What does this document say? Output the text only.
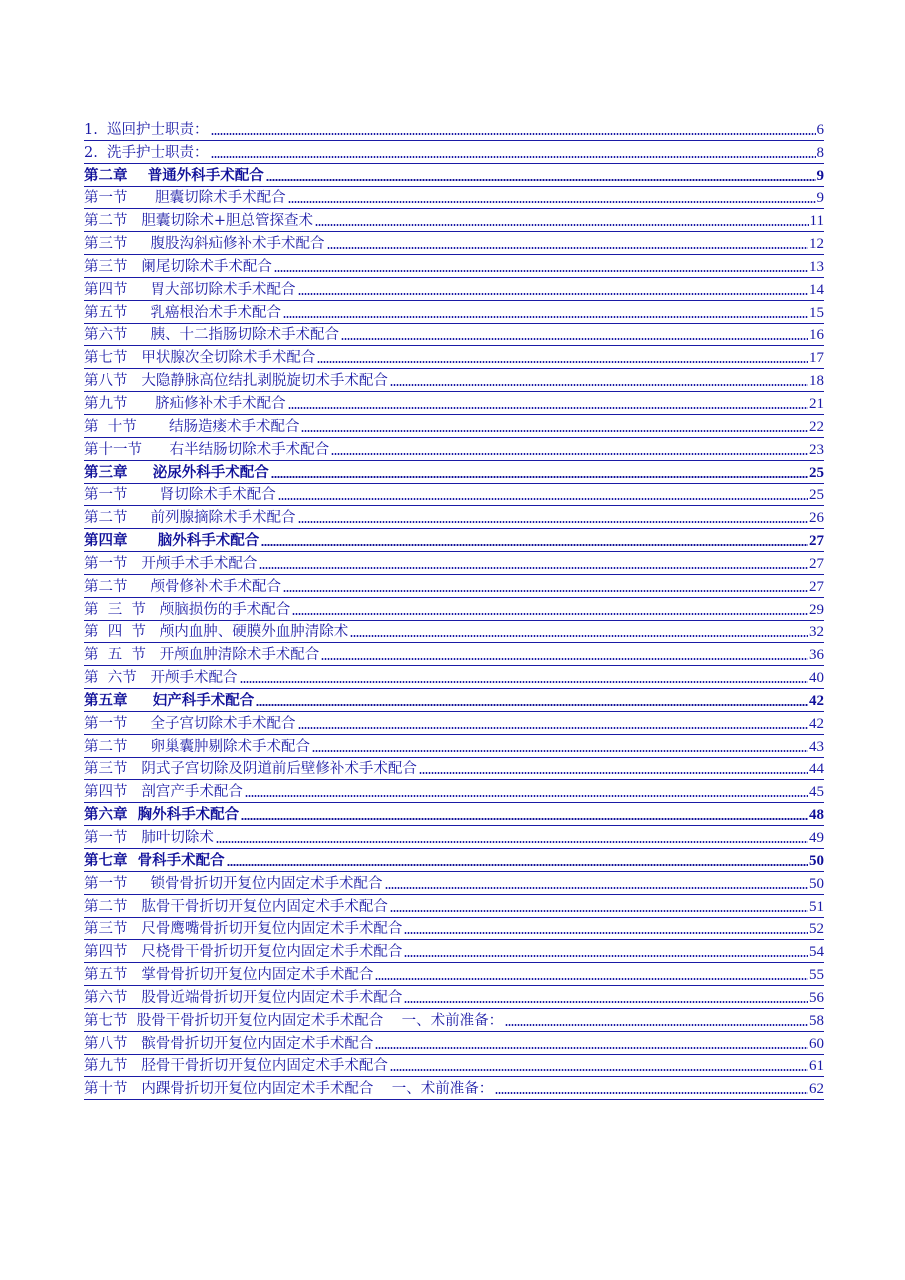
1.  巡回护士职责：	6
2.  洗手护士职责：	8
第二章    普通外科手术配合	9
第一节      胆囊切除术手术配合	9
第二节   胆囊切除术+胆总管探查术	11
第三节     腹股沟斜疝修补术手术配合	12
第三节   阑尾切除术手术配合	13
第四节     胃大部切除术手术配合	14
第五节     乳癌根治术手术配合	15
第六节     胰、十二指肠切除术手术配合	16
第七节   甲状腺次全切除术手术配合	17
第八节   大隐静脉高位结扎剥脱旋切术手术配合	18
第九节      脐疝修补术手术配合	21
第  十节       结肠造瘘术手术配合	22
第十一节      右半结肠切除术手术配合	23
第三章     泌尿外科手术配合	25
第一节       肾切除术手术配合	25
第二节     前列腺摘除术手术配合	26
第四章      脑外科手术配合	27
第一节   开颅手术手术配合	27
第二节     颅骨修补术手术配合	27
第  三  节   颅脑损伤的手术配合	29
第  四  节   颅内血肿、硬膜外血肿清除术	32
第  五  节   开颅血肿清除术手术配合	36
第  六节   开颅手术配合	40
第五章     妇产科手术配合	42
第一节     全子宫切除术手术配合	42
第二节     卵巢囊肿剔除术手术配合	43
第三节   阴式子宫切除及阴道前后壁修补术手术配合	44
第四节   剖宫产手术配合	45
第六章  胸外科手术配合	48
第一节   肺叶切除术	49
第七章  骨科手术配合	50
第一节     锁骨骨折切开复位内固定术手术配合	50
第二节   肱骨干骨折切开复位内固定术手术配合	51
第三节   尺骨鹰嘴骨折切开复位内固定术手术配合	52
第四节   尺桡骨干骨折切开复位内固定术手术配合	54
第五节   掌骨骨折切开复位内固定术手术配合	55
第六节   股骨近端骨折切开复位内固定术手术配合	56
第七节  股骨干骨折切开复位内固定术手术配合    一、术前准备：	58
第八节   髌骨骨折切开复位内固定术手术配合	60
第九节   胫骨干骨折切开复位内固定术手术配合	61
第十节   内踝骨折切开复位内固定术手术配合    一、术前准备：	62
